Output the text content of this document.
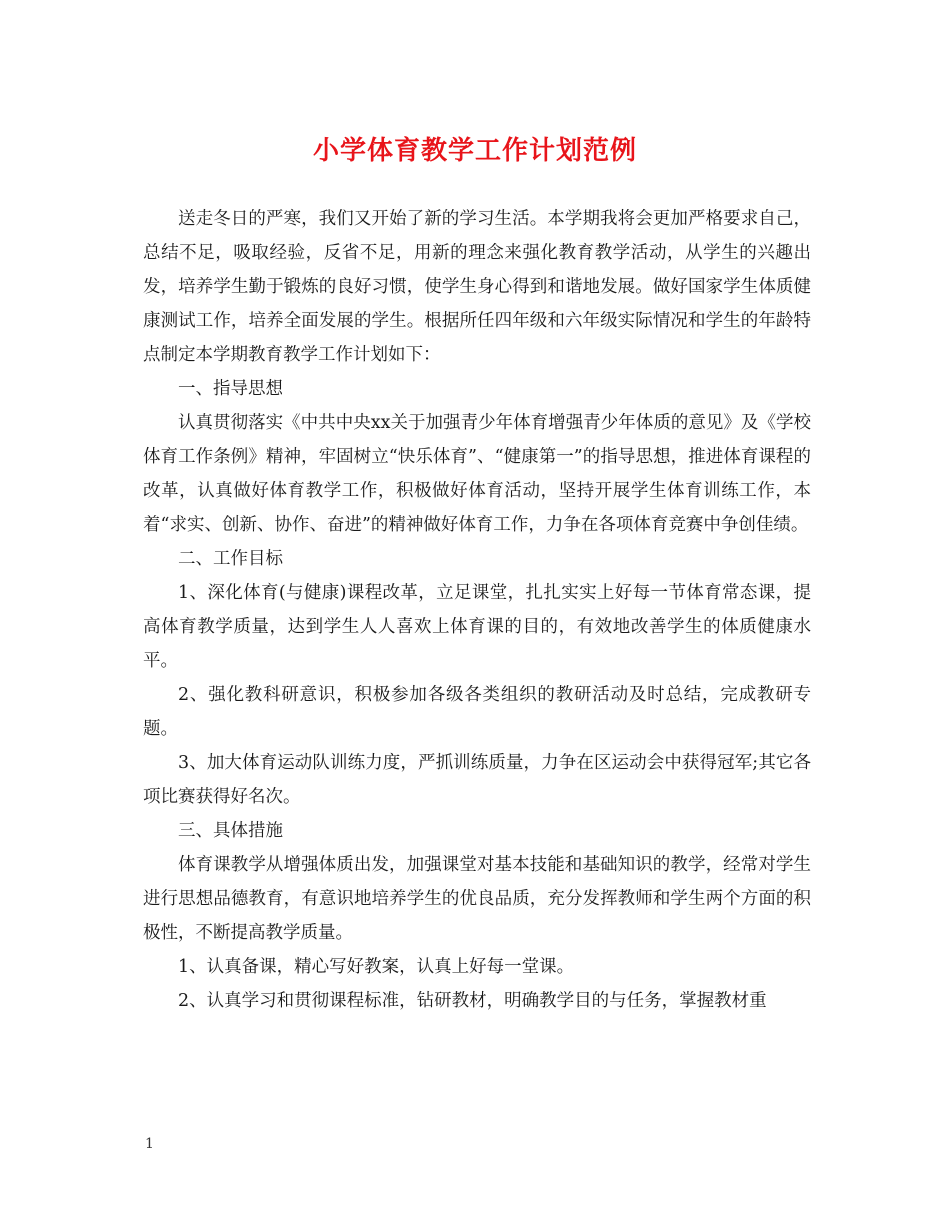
小学体育教学工作计划范例

送走冬日的严寒，我们又开始了新的学习生活。本学期我将会更加严格要求自己，总结不足，吸取经验，反省不足，用新的理念来强化教育教学活动，从学生的兴趣出发，培养学生勤于锻炼的良好习惯，使学生身心得到和谐地发展。做好国家学生体质健康测试工作，培养全面发展的学生。根据所任四年级和六年级实际情况和学生的年龄特点制定本学期教育教学工作计划如下：

一、指导思想

认真贯彻落实《中共中央xx关于加强青少年体育增强青少年体质的意见》及《学校体育工作条例》精神，牢固树立“快乐体育”、“健康第一”的指导思想，推进体育课程的改革，认真做好体育教学工作，积极做好体育活动，坚持开展学生体育训练工作，本着“求实、创新、协作、奋进”的精神做好体育工作，力争在各项体育竞赛中争创佳绩。

二、工作目标

1、深化体育(与健康)课程改革，立足课堂，扎扎实实上好每一节体育常态课，提高体育教学质量，达到学生人人喜欢上体育课的目的，有效地改善学生的体质健康水平。

2、强化教科研意识，积极参加各级各类组织的教研活动及时总结，完成教研专题。

3、加大体育运动队训练力度，严抓训练质量，力争在区运动会中获得冠军;其它各项比赛获得好名次。

三、具体措施

体育课教学从增强体质出发，加强课堂对基本技能和基础知识的教学，经常对学生进行思想品德教育，有意识地培养学生的优良品质，充分发挥教师和学生两个方面的积极性，不断提高教学质量。

1、认真备课，精心写好教案，认真上好每一堂课。

2、认真学习和贯彻课程标准，钻研教材，明确教学目的与任务，掌握教材重

1
